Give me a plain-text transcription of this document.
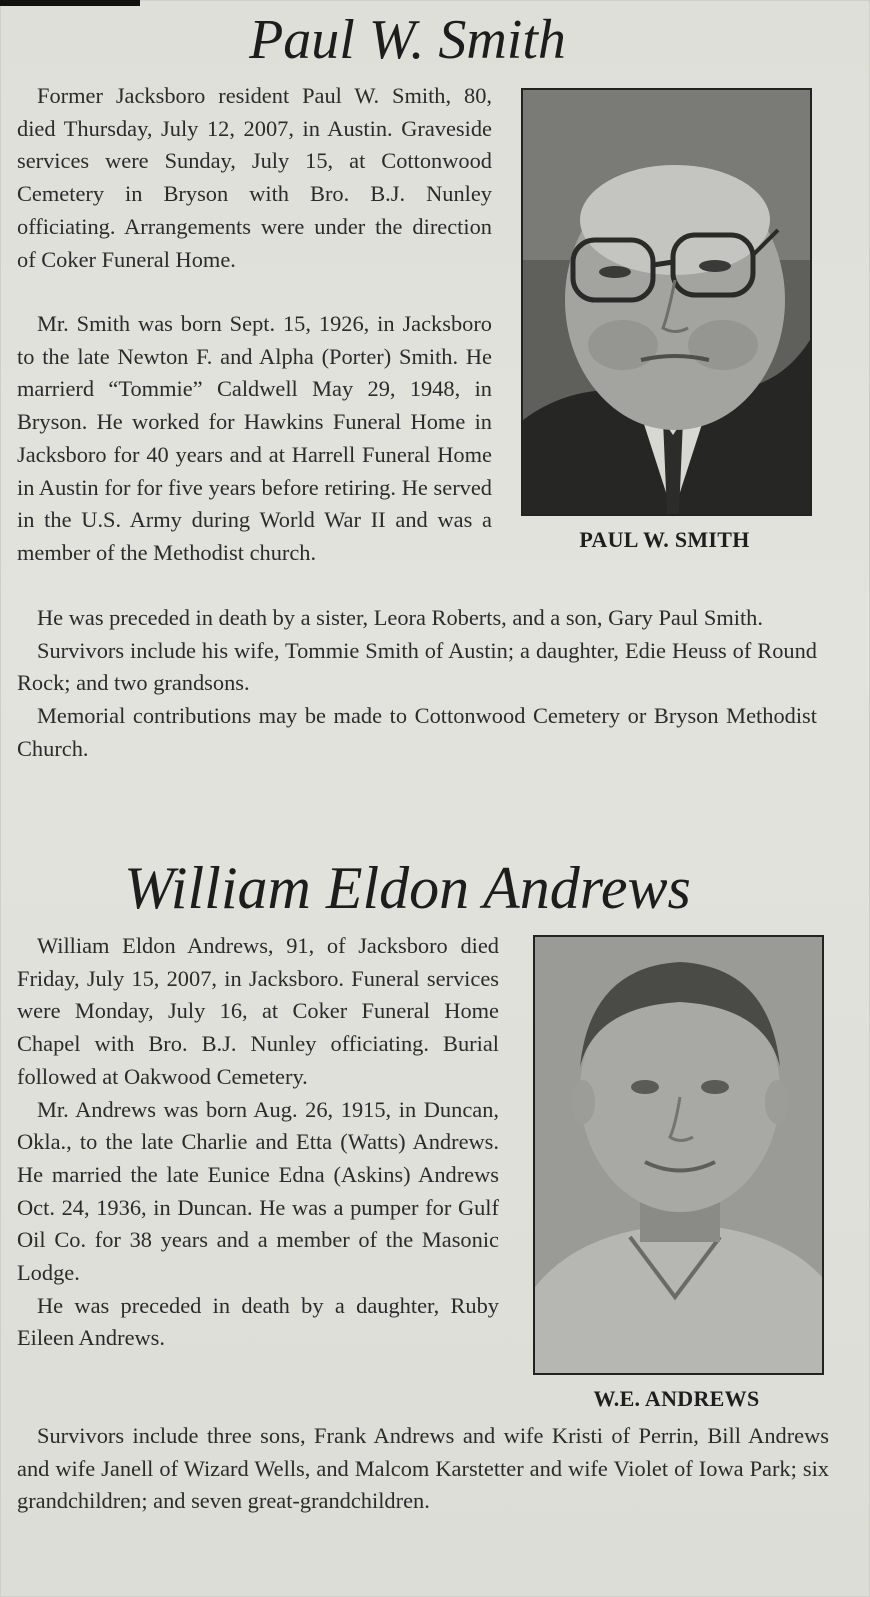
Paul W. Smith
PAUL W. SMITH

Former Jacksboro resident Paul W. Smith, 80, died Thursday, July 12, 2007, in Austin. Graveside services were Sunday, July 15, at Cottonwood Cemetery in Bryson with Bro. B.J. Nunley officiating. Arrangements were under the direction of Coker Funeral Home.

Mr. Smith was born Sept. 15, 1926, in Jacksboro to the late Newton F. and Alpha (Porter) Smith. He marrierd “Tommie” Caldwell May 29, 1948, in Bryson. He worked for Hawkins Funeral Home in Jacksboro for 40 years and at Harrell Funeral Home in Austin for for five years before retiring. He served in the U.S. Army during World War II and was a member of the Methodist church.

He was preceded in death by a sister, Leora Roberts, and a son, Gary Paul Smith.

Survivors include his wife, Tommie Smith of Austin; a daughter, Edie Heuss of Round Rock; and two grandsons.

Memorial contributions may be made to Cottonwood Cemetery or Bryson Methodist Church.

William Eldon Andrews
W.E. ANDREWS

William Eldon Andrews, 91, of Jacksboro died Friday, July 15, 2007, in Jacksboro. Funeral services were Monday, July 16, at Coker Funeral Home Chapel with Bro. B.J. Nunley officiating. Burial followed at Oakwood Cemetery.

Mr. Andrews was born Aug. 26, 1915, in Duncan, Okla., to the late Charlie and Etta (Watts) Andrews. He married the late Eunice Edna (Askins) Andrews Oct. 24, 1936, in Duncan. He was a pumper for Gulf Oil Co. for 38 years and a member of the Masonic Lodge.

He was preceded in death by a daughter, Ruby Eileen Andrews.

Survivors include three sons, Frank Andrews and wife Kristi of Perrin, Bill Andrews and wife Janell of Wizard Wells, and Malcom Karstetter and wife Violet of Iowa Park; six grandchildren; and seven great-grandchildren.
